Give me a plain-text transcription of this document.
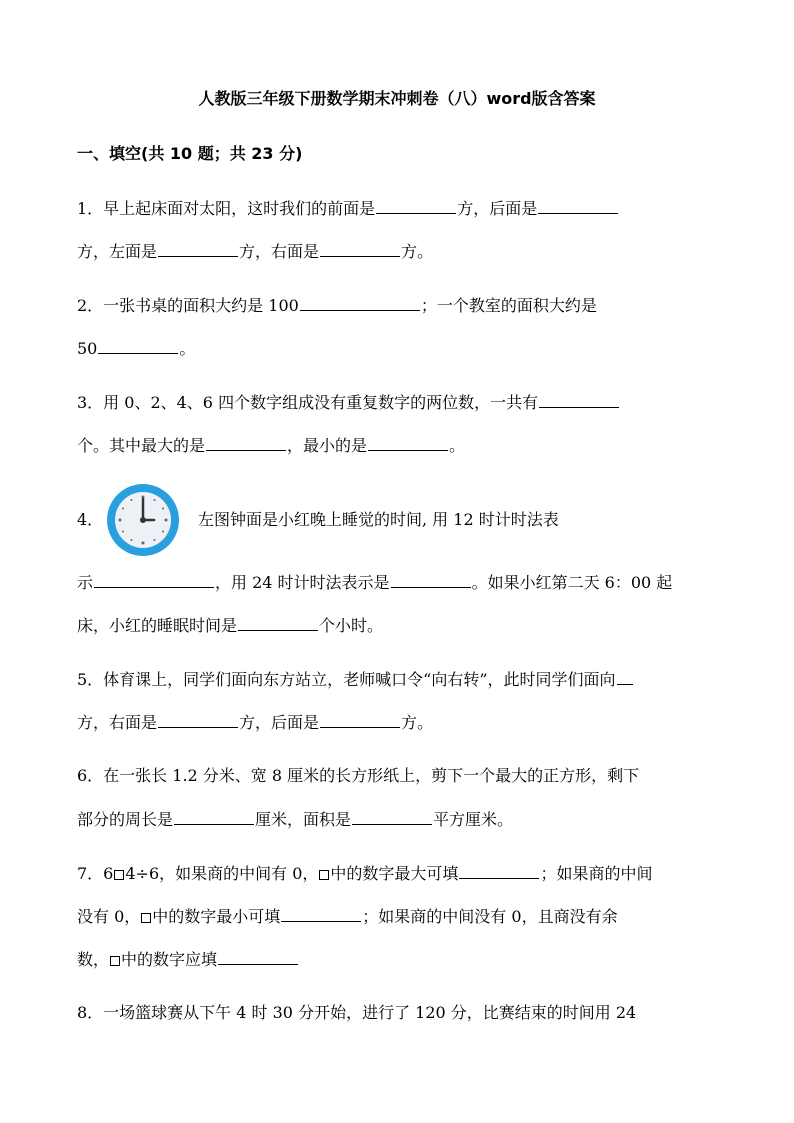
人教版三年级下册数学期末冲刺卷（八）word版含答案
一、填空(共 10 题；共 23 分)
1．早上起床面对太阳，这时我们的前面是	方，后面是
方，左面是	方，右面是	方。
2．一张书桌的面积大约是 100	；一个教室的面积大约是
50	。
3．用 0、2、4、6 四个数字组成没有重复数字的两位数，一共有
个。其中最大的是	，最小的是	。
4．	左图钟面是小红晚上睡觉的时间, 用 12 时计时法表
示	，用 24 时计时法表示是	。如果小红第二天 6：00 起
床，小红的睡眠时间是	个小时。
5．体育课上，同学们面向东方站立，老师喊口令“向右转”，此时同学们面向
方，右面是	方，后面是	方。
6．在一张长 1.2 分米、宽 8 厘米的长方形纸上，剪下一个最大的正方形，剩下
部分的周长是	厘米，面积是	平方厘米。
7．6 4÷6，如果商的中间有 0， 中的数字最大可填	；如果商的中间
没有 0， 中的数字最小可填	；如果商的中间没有 0，且商没有余
数， 中的数字应填
8．一场篮球赛从下午 4 时 30 分开始，进行了 120 分，比赛结束的时间用 24
